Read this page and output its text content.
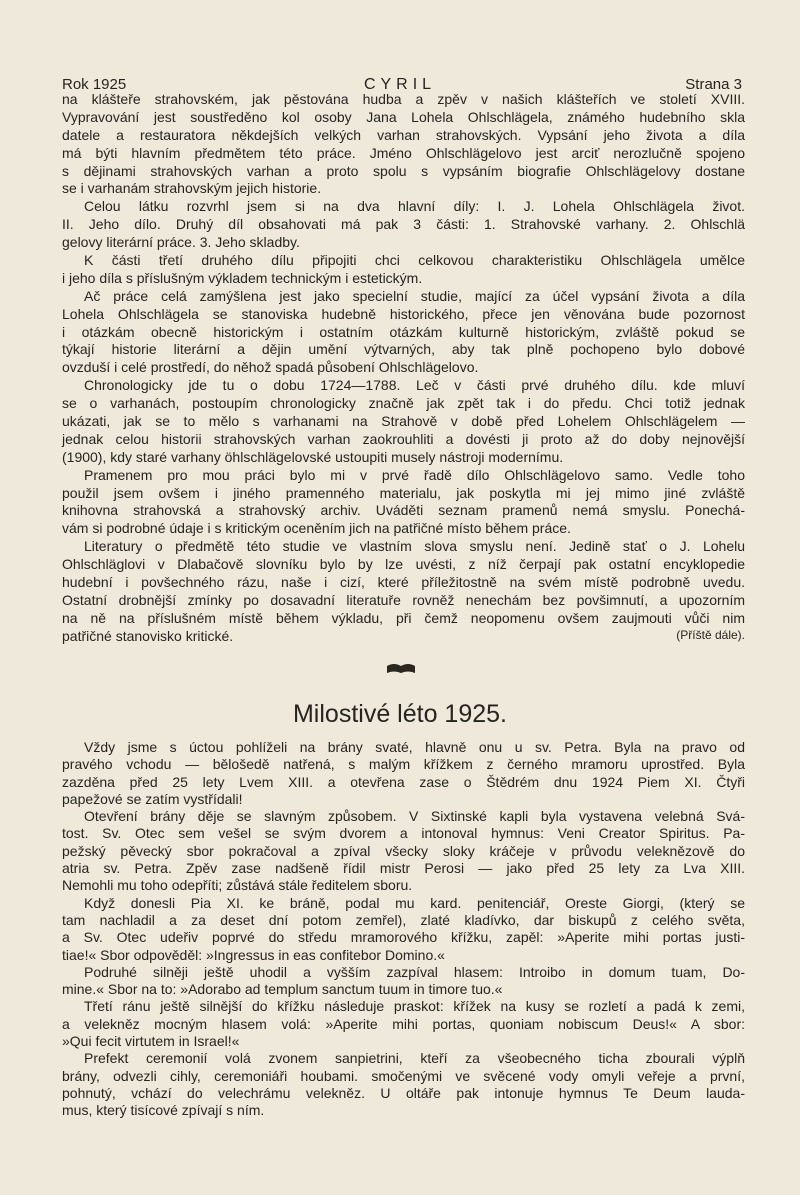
Rok 1925	CYRIL	Strana 3
na klášteře strahovském, jak pěstována hudba a zpěv v našich klášteřích ve století XVIII.
Vypravování jest soustředěno kol osoby Jana Lohela Ohlschlägela, známého hudebního skla
datele a restauratora někdejších velkých varhan strahovských. Vypsání jeho života a díla
má býti hlavním předmětem této práce. Jméno Ohlschlägelovo jest arciť nerozlučně spojeno
s dějinami strahovských varhan a proto spolu s vypsáním biografie Ohlschlägelovy dostane
se i varhanám strahovským jejich historie.
Celou látku rozvrhl jsem si na dva hlavní díly: I. J. Lohela Ohlschlägela život.
II. Jeho dílo. Druhý díl obsahovati má pak 3 části: 1. Strahovské varhany. 2. Ohlschlä
gelovy literární práce. 3. Jeho skladby.
K části třetí druhého dílu připojiti chci celkovou charakteristiku Ohlschlägela umělce
i jeho díla s příslušným výkladem technickým i estetickým.
Ač práce celá zamýšlena jest jako specielní studie, mající za účel vypsání života a díla
Lohela Ohlschlägela se stanoviska hudebně historického, přece jen věnována bude pozornost
i otázkám obecně historickým i ostatním otázkám kulturně historickým, zvláště pokud se
týkají historie literární a dějin umění výtvarných, aby tak plně pochopeno bylo dobové
ovzduší i celé prostředí, do něhož spadá působení Ohlschlägelovo.
Chronologicky jde tu o dobu 1724—1788. Leč v části prvé druhého dílu. kde mluví
se o varhanách, postoupím chronologicky značně jak zpět tak i do předu. Chci totiž jednak
ukázati, jak se to mělo s varhanami na Strahově v době před Lohelem Ohlschlägelem —
jednak celou historii strahovských varhan zaokrouhliti a dovésti ji proto až do doby nejnovější
(1900), kdy staré varhany öhlschlägelovské ustoupiti musely nástroji modernímu.
Pramenem pro mou práci bylo mi v prvé řadě dílo Ohlschlägelovo samo. Vedle toho
použil jsem ovšem i jiného pramenného materialu, jak poskytla mi jej mimo jiné zvláště
knihovna strahovská a strahovský archiv. Uváděti seznam pramenů nemá smyslu. Ponechá-
vám si podrobné údaje i s kritickým oceněním jich na patřičné místo během práce.
Literatury o předmětě této studie ve vlastním slova smyslu není. Jedině stať o J. Lohelu
Ohlschläglovi v Dlabačově slovníku bylo by lze uvésti, z níž čerpají pak ostatní encyklopedie
hudební i povšechného rázu, naše i cizí, které příležitostně na svém místě podrobně uvedu.
Ostatní drobnější zmínky po dosavadní literatuře rovněž nenechám bez povšimnutí, a upozorním
na ně na příslušném místě během výkladu, při čemž neopomenu ovšem zaujmouti vůči nim
patřičné stanovisko kritické.	(Příště dále).
Milostivé léto 1925.
Vždy jsme s úctou pohlíželi na brány svaté, hlavně onu u sv. Petra. Byla na pravo od
pravého vchodu — bělošedě natřená, s malým křížkem z černého mramoru uprostřed. Byla
zazděna před 25 lety Lvem XIII. a otevřena zase o Štědrém dnu 1924 Piem XI. Čtyři
papežové se zatím vystřídali!
Otevření brány děje se slavným způsobem. V Sixtinské kapli byla vystavena velebná Svá-
tost. Sv. Otec sem vešel se svým dvorem a intonoval hymnus: Veni Creator Spiritus. Pa-
pežský pěvecký sbor pokračoval a zpíval všecky sloky kráčeje v průvodu veleknězově do
atria sv. Petra. Zpěv zase nadšeně řídil mistr Perosi — jako před 25 lety za Lva XIII.
Nemohli mu toho odepříti; zůstává stále ředitelem sboru.
Když donesli Pia XI. ke bráně, podal mu kard. penitenciář, Oreste Giorgi, (který se
tam nachladil a za deset dní potom zemřel), zlaté kladívko, dar biskupů z celého světa,
a Sv. Otec udeřiv poprvé do středu mramorového křížku, zapěl: »Aperite mihi portas justi-
tiae!« Sbor odpověděl: »Ingressus in eas confitebor Domino.«
Podruhé silněji ještě uhodil a vyšším zazpíval hlasem: Introibo in domum tuam, Do-
mine.« Sbor na to: »Adorabo ad templum sanctum tuum in timore tuo.«
Třetí ránu ještě silnější do křížku následuje praskot: křížek na kusy se rozletí a padá k zemi,
a velekněz mocným hlasem volá: »Aperite mihi portas, quoniam nobiscum Deus!« A sbor:
»Qui fecit virtutem in Israel!«
Prefekt ceremonií volá zvonem sanpietrini, kteří za všeobecného ticha zbourali výplň
brány, odvezli cihly, ceremoniáři houbami. smočenými ve svěcené vody omyli veřeje a první,
pohnutý, vchází do velechrámu velekněz. U oltáře pak intonuje hymnus Te Deum lauda-
mus, který tisícové zpívají s ním.
